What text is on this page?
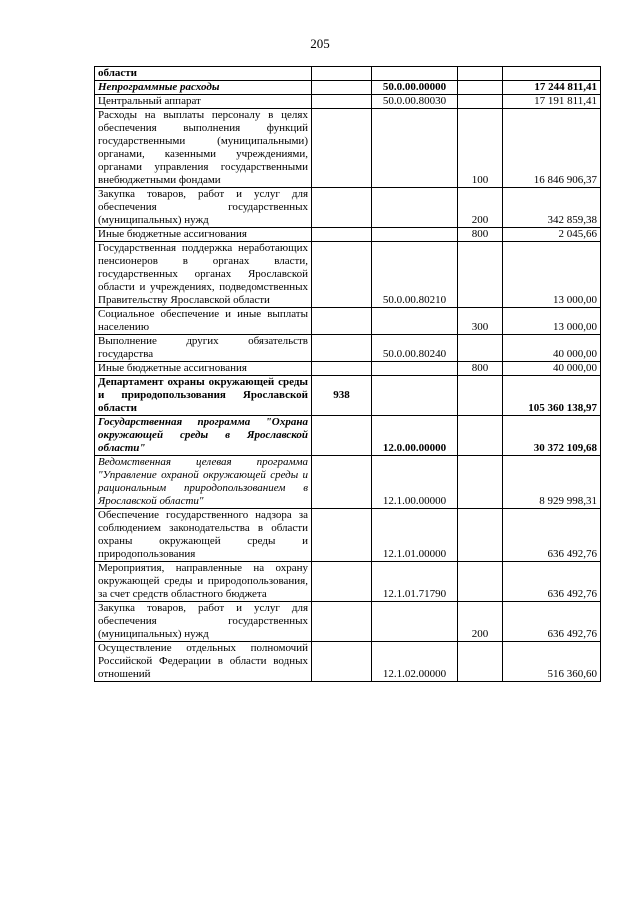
205
области				
Непрограммные расходы		50.0.00.00000		17 244 811,41
Центральный аппарат		50.0.00.80030		17 191 811,41
Расходы на выплаты персоналу в целях обеспечения выполнения функций государственными (муниципальными) органами, казенными учреждениями, органами управления государственными внебюджетными фондами			100	16 846 906,37
Закупка товаров, работ и услуг для обеспечения государственных (муниципальных) нужд			200	342 859,38
Иные бюджетные ассигнования			800	2 045,66
Государственная поддержка неработающих пенсионеров в органах власти, государственных органах Ярославской области и учреждениях, подведомственных Правительству Ярославской области		50.0.00.80210		13 000,00
Социальное обеспечение и иные выплаты населению			300	13 000,00
Выполнение других обязательств государства		50.0.00.80240		40 000,00
Иные бюджетные ассигнования			800	40 000,00
Департамент охраны окружающей среды и природопользования Ярославской области	938			105 360 138,97
Государственная программа "Охрана окружающей среды в Ярославской области"		12.0.00.00000		30 372 109,68
Ведомственная целевая программа "Управление охраной окружающей среды и рациональным природопользованием в Ярославской области"		12.1.00.00000		8 929 998,31
Обеспечение государственного надзора за соблюдением законодательства в области охраны окружающей среды и природопользования		12.1.01.00000		636 492,76
Мероприятия, направленные на охрану окружающей среды и природопользования, за счет средств областного бюджета		12.1.01.71790		636 492,76
Закупка товаров, работ и услуг для обеспечения государственных (муниципальных) нужд			200	636 492,76
Осуществление отдельных полномочий Российской Федерации в области водных отношений		12.1.02.00000		516 360,60
